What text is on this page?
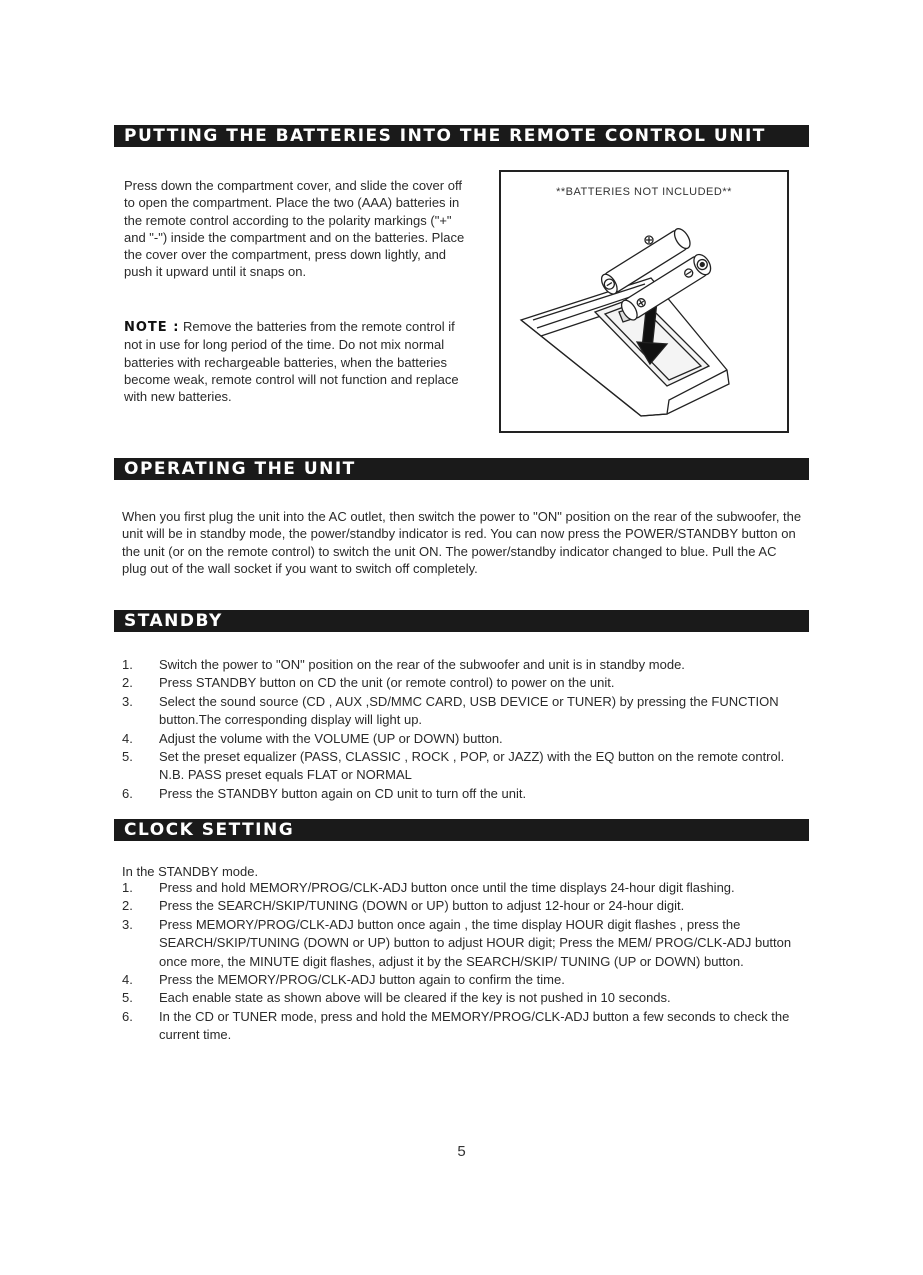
PUTTING THE BATTERIES INTO THE REMOTE CONTROL UNIT

Press down the compartment cover, and slide the cover off to open the compartment. Place the two (AAA) batteries in the remote control according to the polarity markings ("+" and "-") inside the compartment and on the batteries. Place the cover over the compartment, press down lightly, and push it upward until it snaps on.

NOTE : Remove the batteries from the remote control if not in use for long period of the time. Do not mix normal batteries with rechargeable batteries, when the batteries become weak, remote control will not function and replace with new batteries.

**BATTERIES NOT INCLUDED**
OPERATING THE UNIT

When you first plug the unit into the AC outlet, then switch the power to "ON" position on the rear of the subwoofer, the unit will be in standby mode, the power/standby indicator is red. You can now press the POWER/STANDBY button on the unit (or on the remote control) to switch the unit ON. The power/standby indicator changed to blue. Pull the AC plug out of the wall socket if you want to switch off completely.

STANDBY
1. Switch the power to "ON" position on the rear of the subwoofer and unit is in standby mode.
2. Press STANDBY button on CD the unit (or remote control) to power on the unit.
3. Select the sound source (CD , AUX ,SD/MMC CARD, USB DEVICE or TUNER) by pressing the FUNCTION button.The corresponding display will light up.
4. Adjust the volume with the VOLUME (UP or DOWN) button.
5. Set the preset equalizer (PASS, CLASSIC , ROCK , POP, or JAZZ) with the EQ button on the remote control. N.B. PASS preset equals FLAT or NORMAL
6. Press the STANDBY button again on CD unit to turn off the unit.
CLOCK SETTING

In the STANDBY mode.

1. Press and hold MEMORY/PROG/CLK-ADJ button once until the time displays 24-hour digit flashing.
2. Press the SEARCH/SKIP/TUNING (DOWN or UP) button to adjust 12-hour or 24-hour digit.
3. Press MEMORY/PROG/CLK-ADJ button once again , the time display HOUR digit flashes , press the SEARCH/SKIP/TUNING (DOWN or UP) button to adjust HOUR digit; Press the MEM/ PROG/CLK-ADJ button once more, the MINUTE digit flashes, adjust it by the SEARCH/SKIP/ TUNING (UP or DOWN) button.
4. Press the MEMORY/PROG/CLK-ADJ button again to confirm the time.
5. Each enable state as shown above will be cleared if the key is not pushed in 10 seconds.
6. In the CD or TUNER mode, press and hold the MEMORY/PROG/CLK-ADJ button a few seconds to check the current time.
5
